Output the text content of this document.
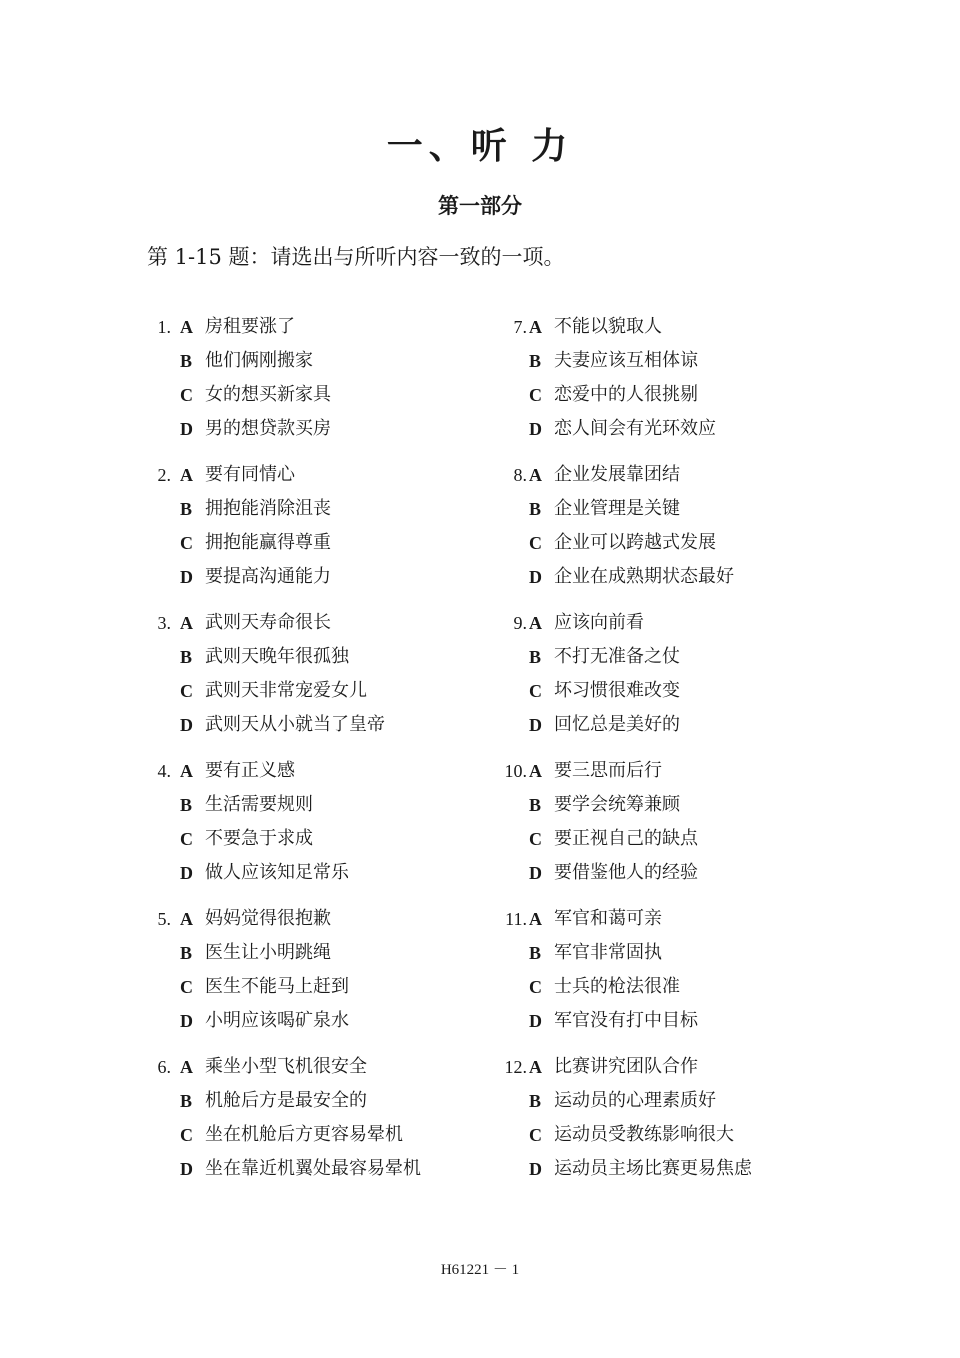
一、听 力
第一部分

第 1-15 题：请选出与所听内容一致的一项。

1. A 房租要涨了
B 他们俩刚搬家
C 女的想买新家具
D 男的想贷款买房
2. A 要有同情心
B 拥抱能消除沮丧
C 拥抱能赢得尊重
D 要提高沟通能力
3. A 武则天寿命很长
B 武则天晚年很孤独
C 武则天非常宠爱女儿
D 武则天从小就当了皇帝
4. A 要有正义感
B 生活需要规则
C 不要急于求成
D 做人应该知足常乐
5. A 妈妈觉得很抱歉
B 医生让小明跳绳
C 医生不能马上赶到
D 小明应该喝矿泉水
6. A 乘坐小型飞机很安全
B 机舱后方是最安全的
C 坐在机舱后方更容易晕机
D 坐在靠近机翼处最容易晕机
7. A 不能以貌取人
B 夫妻应该互相体谅
C 恋爱中的人很挑剔
D 恋人间会有光环效应
8. A 企业发展靠团结
B 企业管理是关键
C 企业可以跨越式发展
D 企业在成熟期状态最好
9. A 应该向前看
B 不打无准备之仗
C 坏习惯很难改变
D 回忆总是美好的
10. A 要三思而后行
B 要学会统筹兼顾
C 要正视自己的缺点
D 要借鉴他人的经验
11. A 军官和蔼可亲
B 军官非常固执
C 士兵的枪法很准
D 军官没有打中目标
12. A 比赛讲究团队合作
B 运动员的心理素质好
C 运动员受教练影响很大
D 运动员主场比赛更易焦虑

H61221 － 1
